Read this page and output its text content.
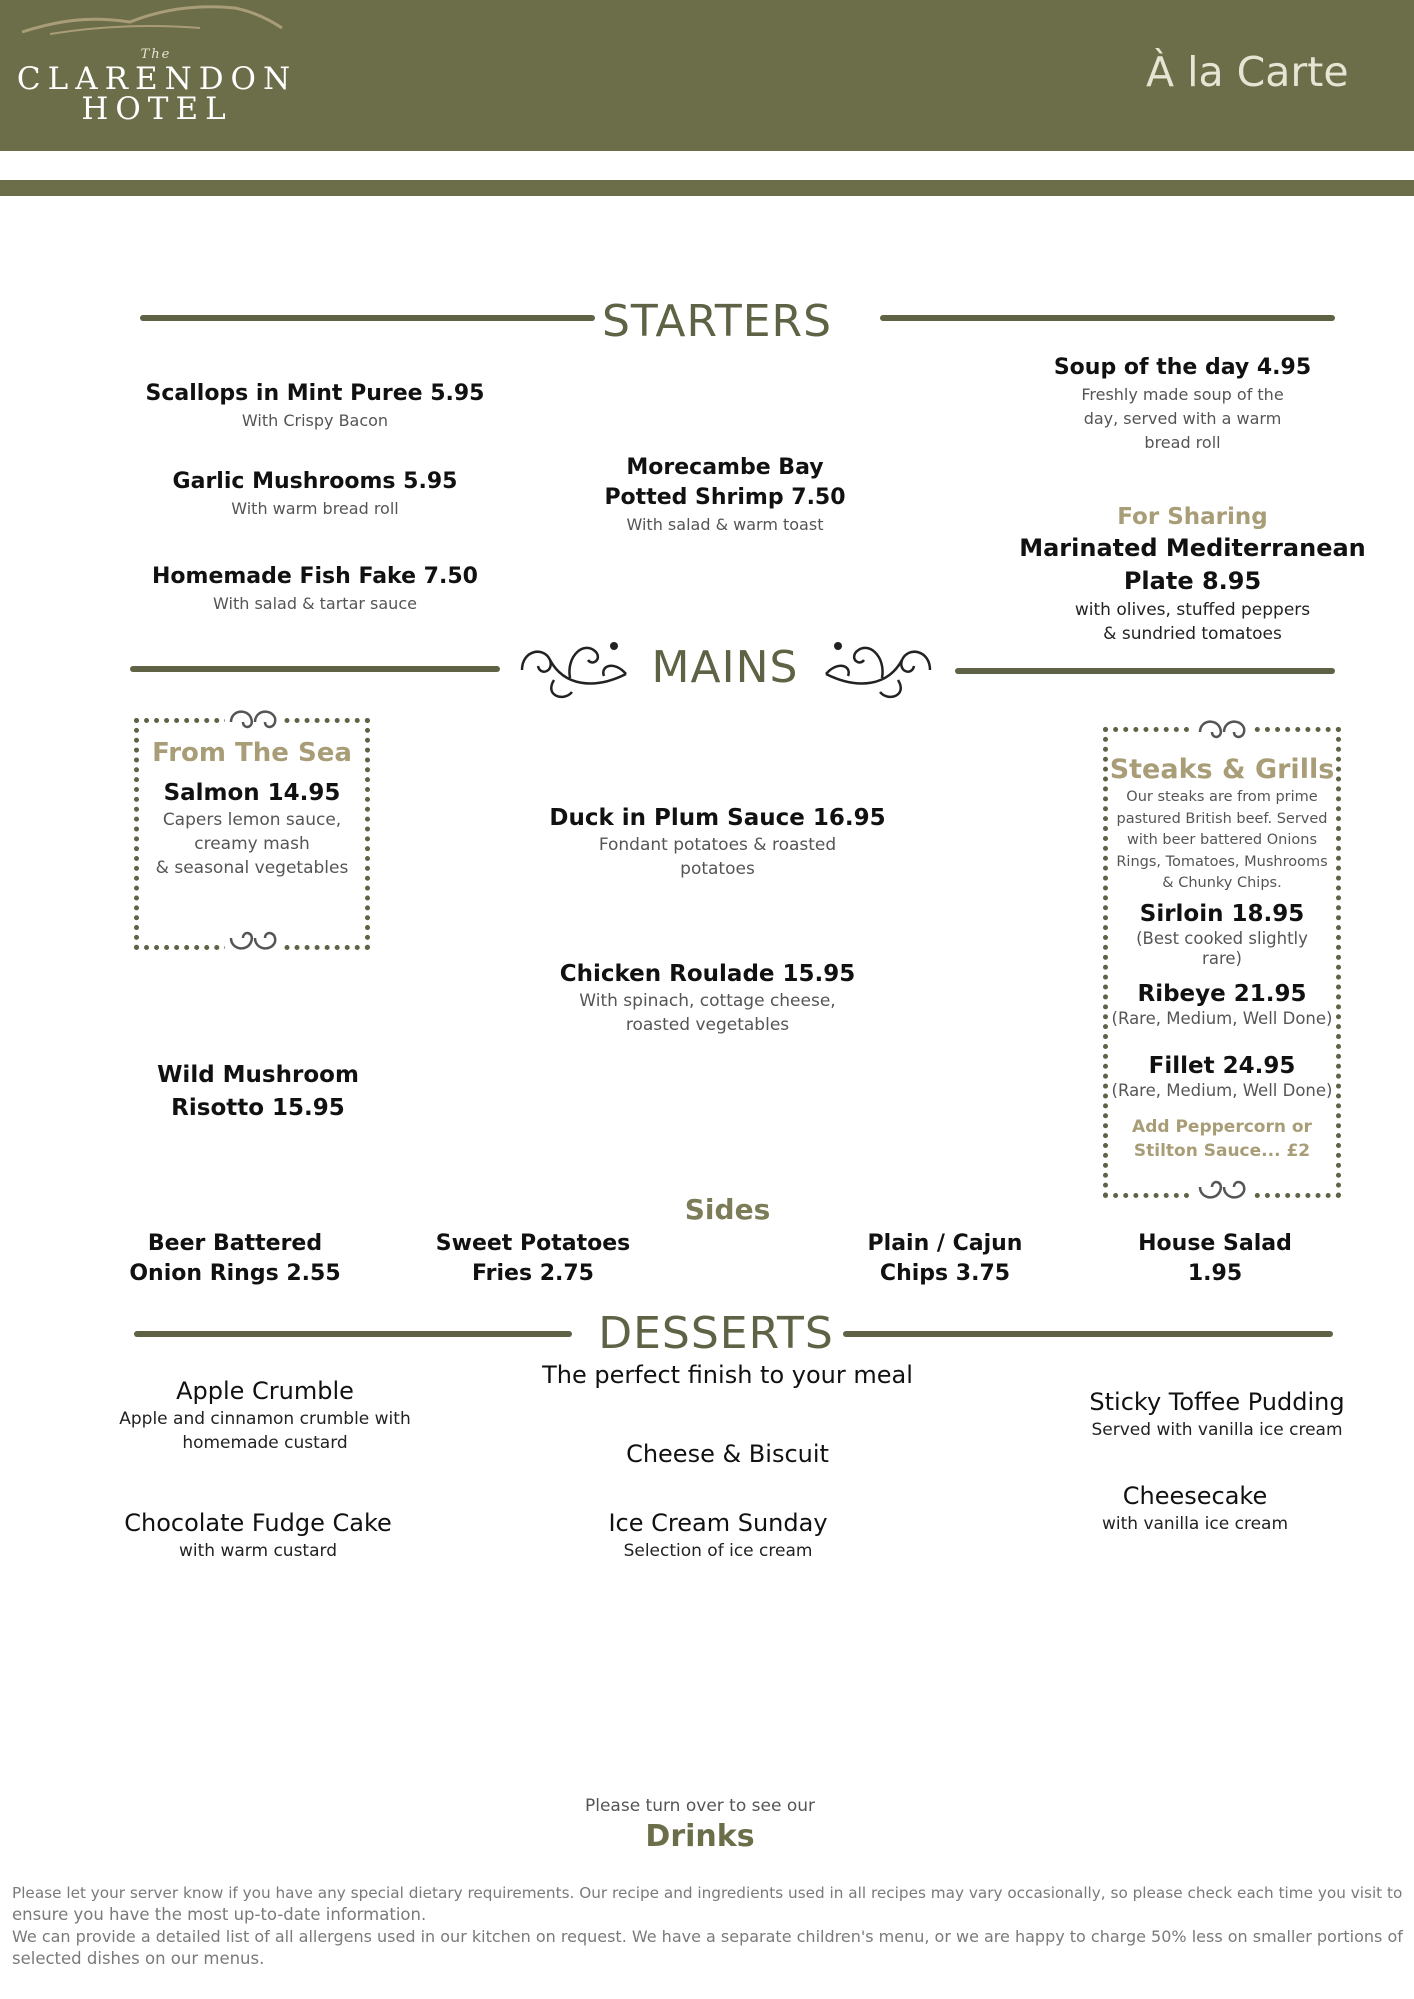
The
CLARENDON
HOTEL
À la Carte
STARTERS
Scallops in Mint Puree 5.95
With Crispy Bacon
Garlic Mushrooms 5.95
With warm bread roll
Homemade Fish Fake 7.50
With salad & tartar sauce
Morecambe Bay
Potted Shrimp 7.50
With salad & warm toast
Soup of the day 4.95
Freshly made soup of the
day, served with a warm
bread roll
For Sharing
Marinated Mediterranean
Plate 8.95
with olives, stuffed peppers
& sundried tomatoes
MAINS
From The Sea
Salmon 14.95
Capers lemon sauce,
creamy mash
& seasonal vegetables
Duck in Plum Sauce 16.95
Fondant potatoes & roasted
potatoes
Chicken Roulade 15.95
With spinach, cottage cheese,
roasted vegetables
Wild Mushroom
Risotto 15.95
Steaks & Grills
Our steaks are from prime
pastured British beef. Served
with beer battered Onions
Rings, Tomatoes, Mushrooms
& Chunky Chips.
Sirloin 18.95
(Best cooked slightly
rare)
Ribeye 21.95
(Rare, Medium, Well Done)
Fillet 24.95
(Rare, Medium, Well Done)
Add Peppercorn or
Stilton Sauce... £2
Sides
Beer Battered
Onion Rings 2.55
Sweet Potatoes
Fries 2.75
Plain / Cajun
Chips 3.75
House Salad
1.95
DESSERTS
The perfect finish to your meal
Apple Crumble
Apple and cinnamon crumble with
homemade custard
Chocolate Fudge Cake
with warm custard
Cheese & Biscuit
Ice Cream Sunday
Selection of ice cream
Sticky Toffee Pudding
Served with vanilla ice cream
Cheesecake
with vanilla ice cream
Please turn over to see our
Drinks
Please let your server know if you have any special dietary requirements. Our recipe and ingredients used in all recipes may vary occasionally, so please check each time you visit to
ensure you have the most up-to-date information.
We can provide a detailed list of all allergens used in our kitchen on request. We have a separate children's menu, or we are happy to charge 50% less on smaller portions of
selected dishes on our menus.
